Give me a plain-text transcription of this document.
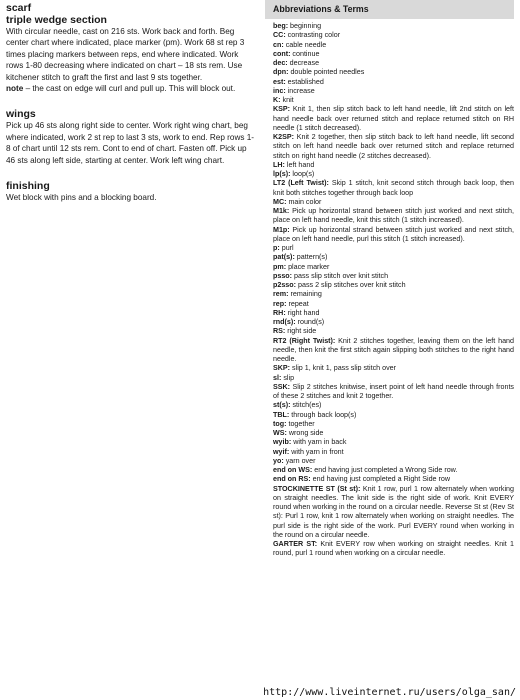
scarf
triple wedge section

With circular needle, cast on 216 sts. Work back and forth. Beg center chart where indicated, place marker (pm). Work 68 st rep 3 times placing markers between reps, end where indicated. Work rows 1-80 decreasing where indicated on chart – 18 sts rem. Use kitchener stitch to graft the first and last 9 sts together.

note – the cast on edge will curl and pull up. This will block out.

wings

Pick up 46 sts along right side to center. Work right wing chart, beg where indicated, work 2 st rep to last 3 sts, work to end. Rep rows 1-8 of chart until 12 sts rem. Cont to end of chart. Fasten off. Pick up 46 sts along left side, starting at center. Work left wing chart.

finishing

Wet block with pins and a blocking board.

Abbreviations & Terms
beg: beginning
CC: contrasting color
cn: cable needle
cont: continue
dec: decrease
dpn: double pointed needles
est: established
inc: increase
K: knit
KSP: Knit 1, then slip stitch back to left hand needle, lift 2nd stitch on left hand needle back over returned stitch and replace returned stitch on RH needle (1 stitch decreased).
K2SP: Knit 2 together, then slip stitch back to left hand needle, lift second stitch on left hand needle back over returned stitch and replace returned stitch on right hand needle (2 stitches decreased).
LH: left hand
lp(s): loop(s)
LT2 (Left Twist): Skip 1 stitch, knit second stitch through back loop, then knit both stitches together through back loop
MC: main color
M1k: Pick up horizontal strand between stitch just worked and next stitch, place on left hand needle, knit this stitch (1 stitch increased).
M1p: Pick up horizontal strand between stitch just worked and next stitch, place on left hand needle, purl this stitch (1 stitch increased).
p: purl
pat(s): pattern(s)
pm: place marker
psso: pass slip stitch over knit stitch
p2sso: pass 2 slip stitches over knit stitch
rem: remaining
rep: repeat
RH: right hand
rnd(s): round(s)
RS: right side
RT2 (Right Twist): Knit 2 stitches together, leaving them on the left hand needle, then knit the first stitch again slipping both stitches to the right hand needle.
SKP: slip 1, knit 1, pass slip stitch over
sl: slip
SSK: Slip 2 stitches knitwise, insert point of left hand needle through fronts of these 2 stitches and knit 2 together.
st(s): stitch(es)
TBL: through back loop(s)
tog: together
WS: wrong side
wyib: with yarn in back
wyif: with yarn in front
yo: yarn over
end on WS: end having just completed a Wrong Side row.
end on RS: end having just completed a Right Side row
STOCKINETTE ST (St st): Knit 1 row, purl 1 row alternately when working on straight needles. The knit side is the right side of work. Knit EVERY round when working in the round on a circular needle. Reverse St st (Rev St st): Purl 1 row, knit 1 row alternately when working on straight needles. The purl side is the right side of the work. Purl EVERY round when working in the round on a circular needle.
GARTER ST: Knit EVERY row when working on straight needles. Knit 1 round, purl 1 round when working on a circular needle.
http://www.liveinternet.ru/users/olga_san/
